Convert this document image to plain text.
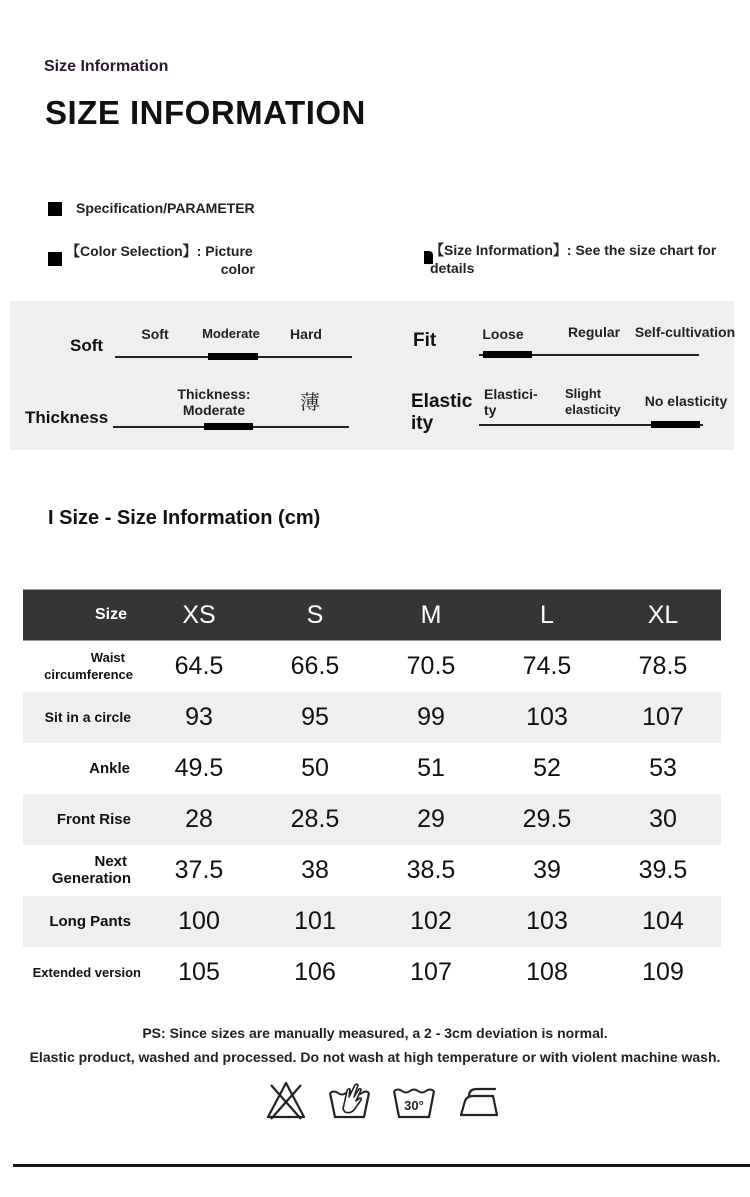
Size Information
SIZE INFORMATION
Specification/PARAMETER
【Color Selection】: Picture
color
【Size Information】: See the size chart for
details
Soft
Soft	Moderate	Hard	Fit	Loose	Regular	Self-cultivation
Thickness
Thickness:
Moderate	薄	Elastic
ity
Elastici-
ty
Slight
elasticity
No elasticity
I Size - Size Information (cm)
Size	XS	S	M	L	XL

Waist
circumference	64.5	66.5	70.5	74.5	78.5
Sit in a circle	93	95	99	103	107
Ankle	49.5	50	51	52	53
Front Rise	28	28.5	29	29.5	30

Next
Generation	37.5	38	38.5	39	39.5
Long Pants	100	101	102	103	104
Extended version	105	106	107	108	109
PS: Since sizes are manually measured, a 2 - 3cm deviation is normal.
Elastic product, washed and processed. Do not wash at high temperature or with violent machine wash.
30°
